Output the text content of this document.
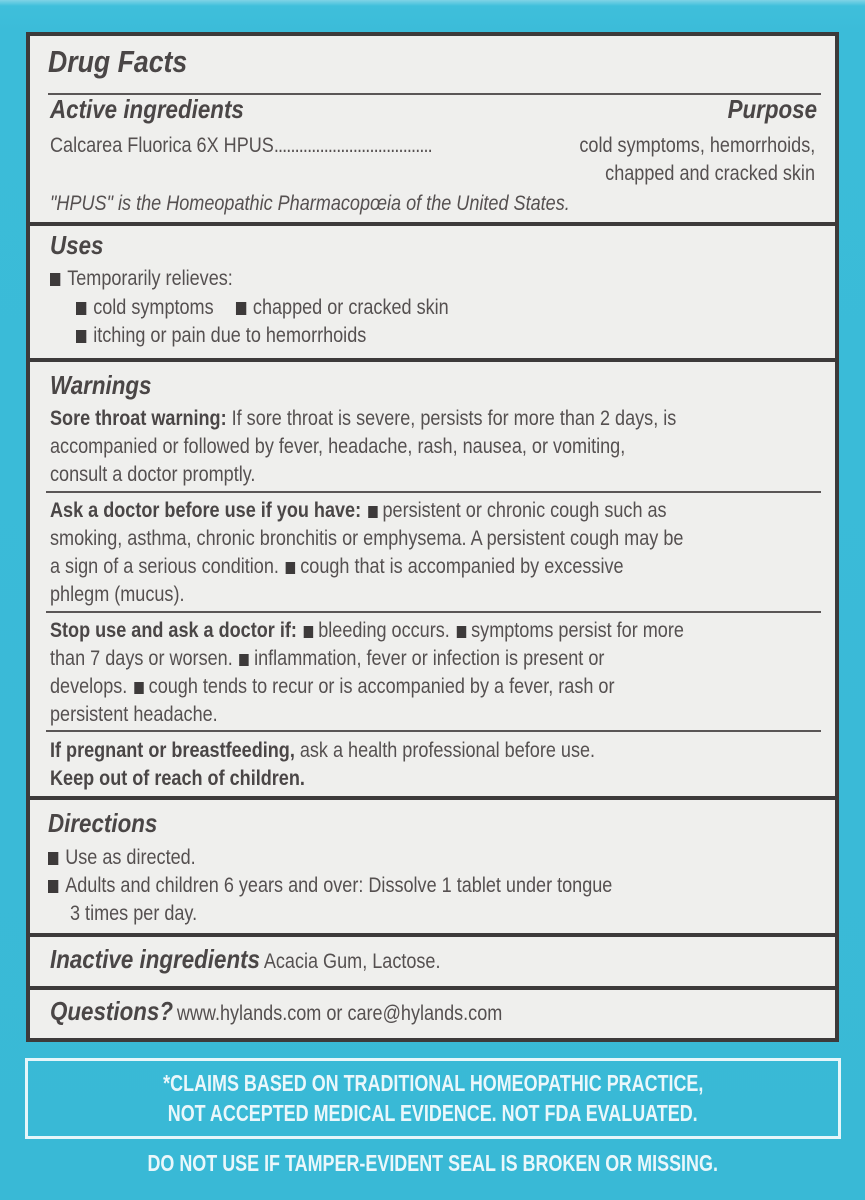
Drug Facts
Active ingredients	Purpose
Calcarea Fluorica 6X HPUS......................................	cold symptoms, hemorrhoids,
chapped and cracked skin
"HPUS" is the Homeopathic Pharmacopœia of the United States.
Uses
Temporarily relieves:
cold symptoms chapped or cracked skin
itching or pain due to hemorrhoids
Warnings
Sore throat warning: If sore throat is severe, persists for more than 2 days, is
accompanied or followed by fever, headache, rash, nausea, or vomiting,
consult a doctor promptly.
Ask a doctor before use if you have: persistent or chronic cough such as
smoking, asthma, chronic bronchitis or emphysema. A persistent cough may be
a sign of a serious condition. cough that is accompanied by excessive
phlegm (mucus).
Stop use and ask a doctor if: bleeding occurs. symptoms persist for more
than 7 days or worsen. inflammation, fever or infection is present or
develops. cough tends to recur or is accompanied by a fever, rash or
persistent headache.
If pregnant or breastfeeding, ask a health professional before use.
Keep out of reach of children.
Directions
Use as directed.
Adults and children 6 years and over: Dissolve 1 tablet under tongue
3 times per day.
Inactive ingredients Acacia Gum, Lactose.
Questions? www.hylands.com or care@hylands.com
*CLAIMS BASED ON TRADITIONAL HOMEOPATHIC PRACTICE,
NOT ACCEPTED MEDICAL EVIDENCE. NOT FDA EVALUATED.
DO NOT USE IF TAMPER-EVIDENT SEAL IS BROKEN OR MISSING.
